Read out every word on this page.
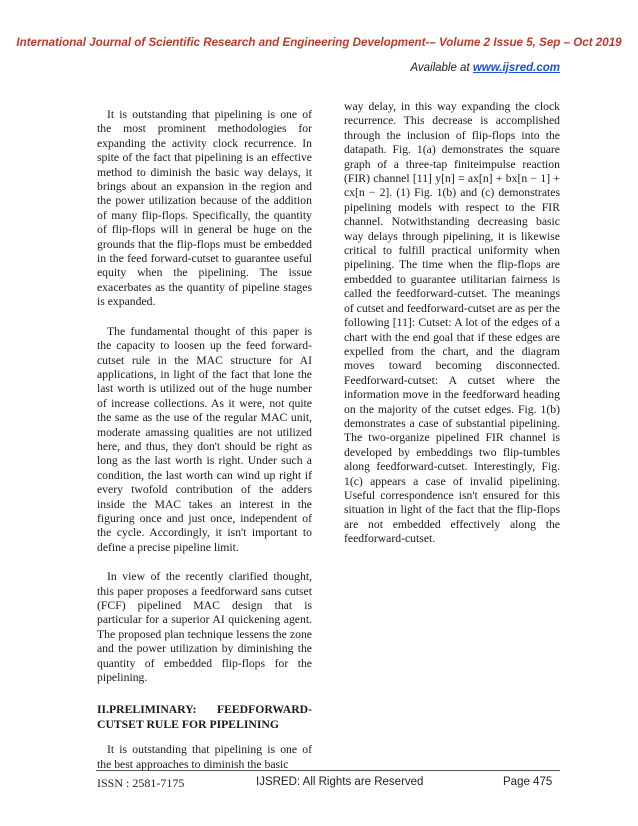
International Journal of Scientific Research and Engineering Development-– Volume 2 Issue 5, Sep – Oct 2019
Available at www.ijsred.com

It is outstanding that pipelining is one of the most prominent methodologies for expanding the activity clock recurrence. In spite of the fact that pipelining is an effective method to diminish the basic way delays, it brings about an expansion in the region and the power utilization because of the addition of many flip-flops. Specifically, the quantity of flip-flops will in general be huge on the grounds that the flip-flops must be embedded in the feed forward-cutset to guarantee useful equity when the pipelining. The issue exacerbates as the quantity of pipeline stages is expanded.

The fundamental thought of this paper is the capacity to loosen up the feed forward-cutset rule in the MAC structure for AI applications, in light of the fact that lone the last worth is utilized out of the huge number of increase collections. As it were, not quite the same as the use of the regular MAC unit, moderate amassing qualities are not utilized here, and thus, they don't should be right as long as the last worth is right. Under such a condition, the last worth can wind up right if every twofold contribution of the adders inside the MAC takes an interest in the figuring once and just once, independent of the cycle. Accordingly, it isn't important to define a precise pipeline limit.

In view of the recently clarified thought, this paper proposes a feedforward sans cutset (FCF) pipelined MAC design that is particular for a superior AI quickening agent. The proposed plan technique lessens the zone and the power utilization by diminishing the quantity of embedded flip-flops for the pipelining.

II.PRELIMINARY: FEEDFORWARD-CUTSET RULE FOR PIPELINING

It is outstanding that pipelining is one of the best approaches to diminish the basic

way delay, in this way expanding the clock recurrence. This decrease is accomplished through the inclusion of flip-flops into the datapath. Fig. 1(a) demonstrates the square graph of a three-tap finiteimpulse reaction (FIR) channel [11] y[n] = ax[n] + bx[n − 1] + cx[n − 2]. (1) Fig. 1(b) and (c) demonstrates pipelining models with respect to the FIR channel. Notwithstanding decreasing basic way delays through pipelining, it is likewise critical to fulfill practical uniformity when pipelining. The time when the flip-flops are embedded to guarantee utilitarian fairness is called the feedforward-cutset. The meanings of cutset and feedforward-cutset are as per the following [11]: Cutset: A lot of the edges of a chart with the end goal that if these edges are expelled from the chart, and the diagram moves toward becoming disconnected. Feedforward-cutset: A cutset where the information move in the feedforward heading on the majority of the cutset edges. Fig. 1(b) demonstrates a case of substantial pipelining. The two-organize pipelined FIR channel is developed by embeddings two flip-tumbles along feedforward-cutset. Interestingly, Fig. 1(c) appears a case of invalid pipelining. Useful correspondence isn't ensured for this situation in light of the fact that the flip-flops are not embedded effectively along the feedforward-cutset.

ISSN : 2581-7175	IJSRED: All Rights are Reserved	Page 475
